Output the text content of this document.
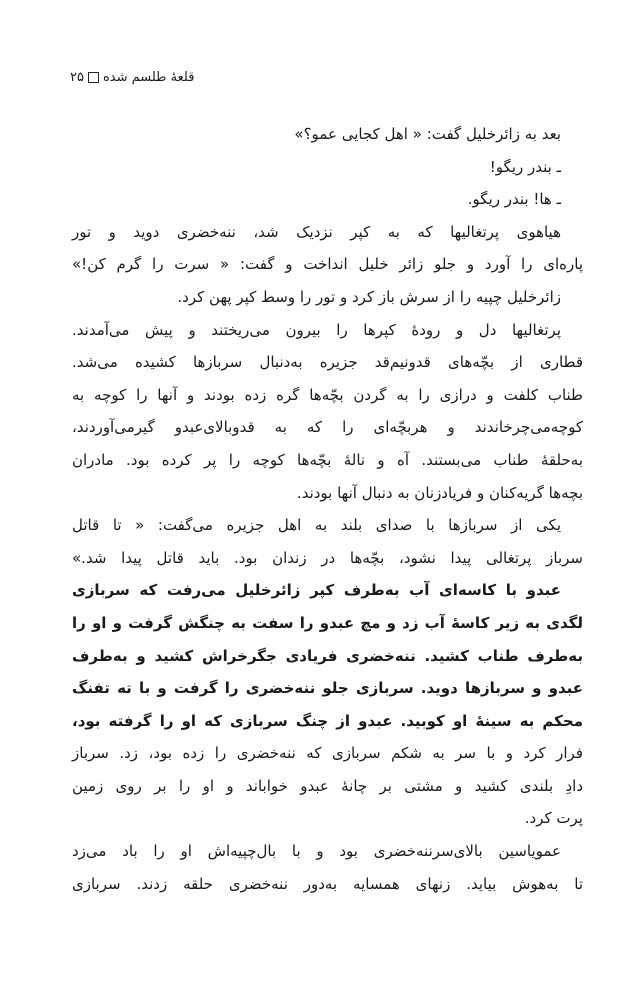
قلعهٔ طلسم شده۲۵
بعد به زائرخلیل گفت: « اهل کجایی عمو؟»
ـ بندر ریگو!
ـ ها! بندر ریگو.
هیاهوی پرتغالیها که به کپر نزدیک شد، ننه‌خضری دوید و تور
پاره‌ای را آورد و جلو زائر خلیل انداخت و گفت: « سرت را گرم کن!»
زائرخلیل چپیه را از سرش باز کرد و تور را وسط کپر پهن کرد.
پرتغالیها دل و رودهٔ کپرها را بیرون می‌ریختند و پیش می‌آمدند.
قطاری از بچّه‌های قدونیم‌قد جزیره به‌دنبال سربازها کشیده می‌شد.
طناب کلفت و درازی را به گردن بچّه‌ها گره زده بودند و آنها را کوچه به
کوچه‌می‌چرخاندند و هربچّه‌ای را که به قدوبالای‌عبدو گیرمی‌آوردند،
به‌حلقهٔ طناب می‌بستند. آه و نالهٔ بچّه‌ها کوچه را پر کرده بود. مادران
بچه‌ها گریه‌کنان و فریادزنان به دنبال آنها بودند.
یکی از سربازها با صدای بلند به اهل جزیره می‌گفت: « تا قاتل
سرباز پرتغالی پیدا نشود، بچّه‌ها در زندان بود. باید قاتل پیدا شد.»
عبدو با کاسه‌ای آب به‌طرف کپر زائرخلیل می‌رفت که سربازی
لگدی به زیر کاسهٔ آب زد و مچ عبدو را سفت به چنگش گرفت و او را
به‌طرف طناب کشید. ننه‌خضری فریادی جگرخراش کشید و به‌طرف
عبدو و سربازها دوید. سربازی جلو ننه‌خضری را گرفت و با ته تفنگ
محکم به سینهٔ او کوبید. عبدو از چنگ سربازی که او را گرفته بود،
فرار کرد و با سر به شکم سربازی که ننه‌خضری را زده بود، زد. سرباز
دادِ بلندی کشید و مشتی بر چانهٔ عبدو خواباند و او را بر روی زمین
پرت کرد.
عمویاسین بالای‌سرننه‌خضری بود و با بال‌چپیه‌اش او را باد می‌زد
تا به‌هوش بیاید. زنهای همسایه به‌دور ننه‌خضری حلقه زدند. سربازی
